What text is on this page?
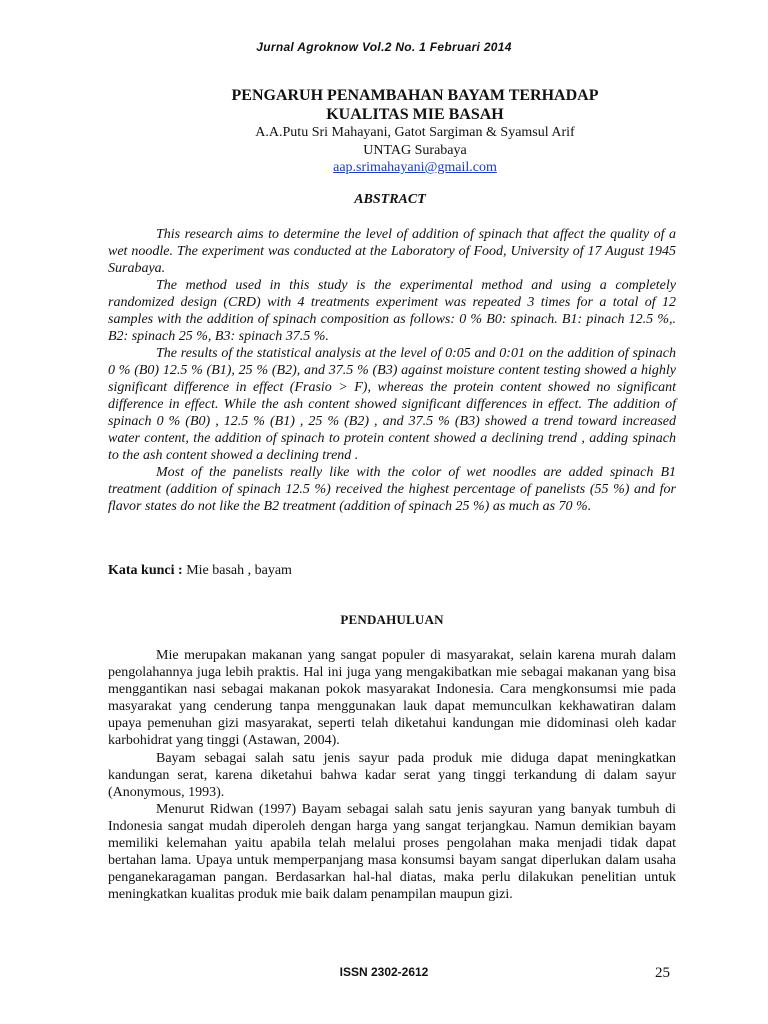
Jurnal Agroknow Vol.2 No. 1 Februari 2014
PENGARUH PENAMBAHAN BAYAM TERHADAP
KUALITAS MIE BASAH
A.A.Putu Sri Mahayani, Gatot Sargiman & Syamsul Arif
UNTAG Surabaya
aap.srimahayani@gmail.com
ABSTRACT

This research aims to determine the level of addition of spinach that affect the quality of a wet noodle. The experiment was conducted at the Laboratory of Food, University of 17 August 1945 Surabaya.

The method used in this study is the experimental method and using a completely randomized design (CRD) with 4 treatments experiment was repeated 3 times for a total of 12 samples with the addition of spinach composition as follows: 0 % B0: spinach. B1: pinach 12.5 %,. B2: spinach 25 %, B3: spinach 37.5 %.

The results of the statistical analysis at the level of 0:05 and 0:01 on the addition of spinach 0 % (B0) 12.5 % (B1), 25 % (B2), and 37.5 % (B3) against moisture content testing showed a highly significant difference in effect (Frasio > F), whereas the protein content showed no significant difference in effect. While the ash content showed significant differences in effect. The addition of spinach 0 % (B0) , 12.5 % (B1) , 25 % (B2) , and 37.5 % (B3) showed a trend toward increased water content, the addition of spinach to protein content showed a declining trend , adding spinach to the ash content showed a declining trend .

Most of the panelists really like with the color of wet noodles are added spinach B1 treatment (addition of spinach 12.5 %) received the highest percentage of panelists (55 %) and for flavor states do not like the B2 treatment (addition of spinach 25 %) as much as 70 %.

Kata kunci : Mie basah , bayam
PENDAHULUAN

Mie merupakan makanan yang sangat populer di masyarakat, selain karena murah dalam pengolahannya juga lebih praktis. Hal ini juga yang mengakibatkan mie sebagai makanan yang bisa menggantikan nasi sebagai makanan pokok masyarakat Indonesia. Cara mengkonsumsi mie pada masyarakat yang cenderung tanpa menggunakan lauk dapat memunculkan kekhawatiran dalam upaya pemenuhan gizi masyarakat, seperti telah diketahui kandungan mie didominasi oleh kadar karbohidrat yang tinggi (Astawan, 2004).

Bayam sebagai salah satu jenis sayur pada produk mie diduga dapat meningkatkan kandungan serat, karena diketahui bahwa kadar serat yang tinggi terkandung di dalam sayur (Anonymous, 1993).

Menurut Ridwan (1997) Bayam sebagai salah satu jenis sayuran yang banyak tumbuh di Indonesia sangat mudah diperoleh dengan harga yang sangat terjangkau. Namun demikian bayam memiliki kelemahan yaitu apabila telah melalui proses pengolahan maka menjadi tidak dapat bertahan lama. Upaya untuk memperpanjang masa konsumsi bayam sangat diperlukan dalam usaha penganekaragaman pangan. Berdasarkan hal-hal diatas, maka perlu dilakukan penelitian untuk meningkatkan kualitas produk mie baik dalam penampilan maupun gizi.

ISSN 2302-2612	25
